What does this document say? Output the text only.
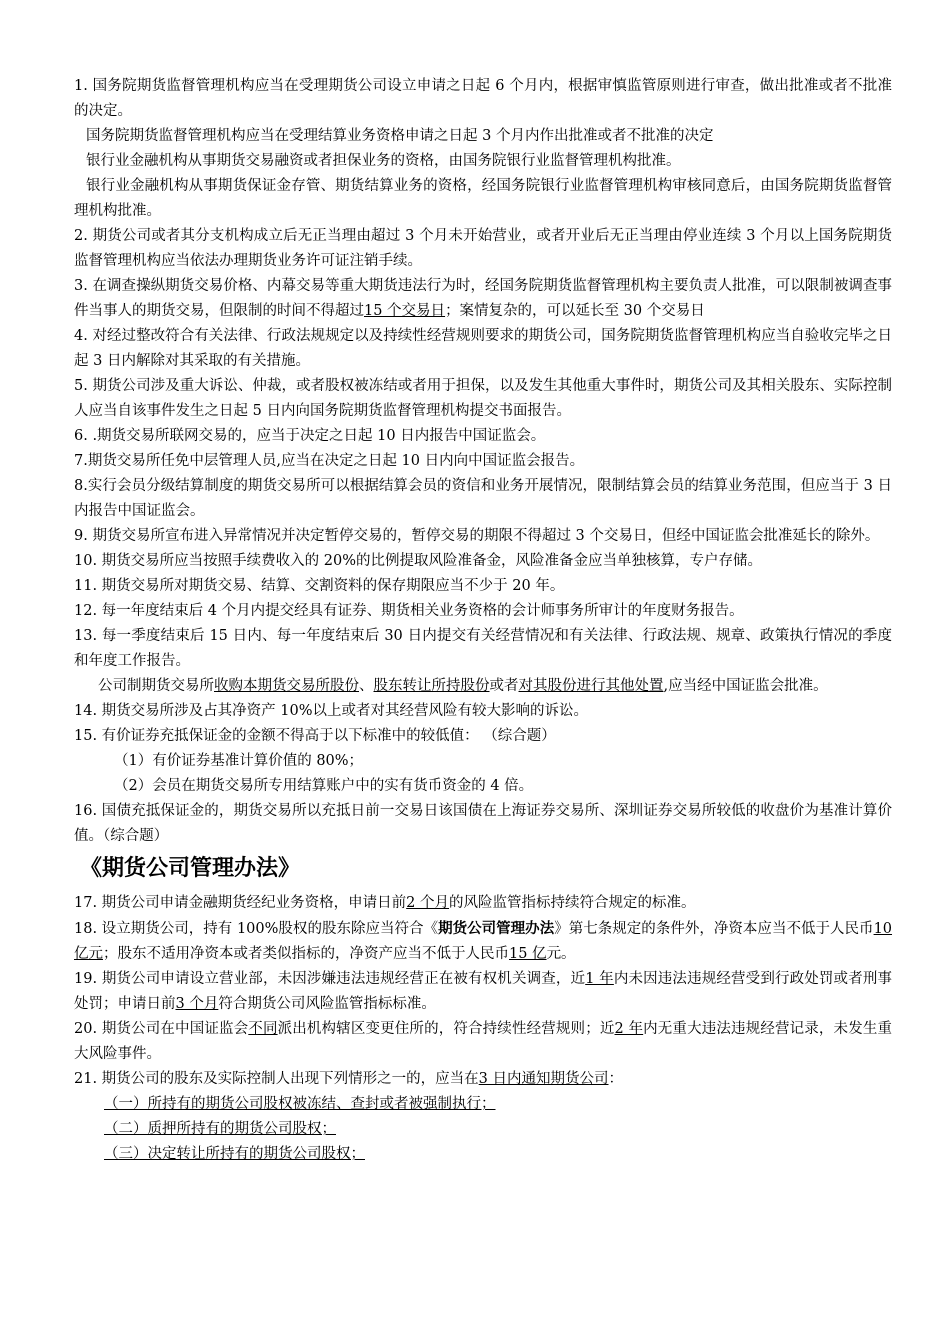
1. 国务院期货监督管理机构应当在受理期货公司设立申请之日起 6 个月内，根据审慎监管原则进行审查，做出批准或者不批准的决定。

国务院期货监督管理机构应当在受理结算业务资格申请之日起 3 个月内作出批准或者不批准的决定

银行业金融机构从事期货交易融资或者担保业务的资格，由国务院银行业监督管理机构批准。

银行业金融机构从事期货保证金存管、期货结算业务的资格，经国务院银行业监督管理机构审核同意后，由国务院期货监督管理机构批准。

2. 期货公司或者其分支机构成立后无正当理由超过 3 个月未开始营业，或者开业后无正当理由停业连续 3 个月以上国务院期货监督管理机构应当依法办理期货业务许可证注销手续。

3. 在调查操纵期货交易价格、内幕交易等重大期货违法行为时，经国务院期货监督管理机构主要负责人批准，可以限制被调查事件当事人的期货交易，但限制的时间不得超过15 个交易日；案情复杂的，可以延长至 30 个交易日

4. 对经过整改符合有关法律、行政法规规定以及持续性经营规则要求的期货公司，国务院期货监督管理机构应当自验收完毕之日起 3 日内解除对其采取的有关措施。

5. 期货公司涉及重大诉讼、仲裁，或者股权被冻结或者用于担保，以及发生其他重大事件时，期货公司及其相关股东、实际控制人应当自该事件发生之日起 5 日内向国务院期货监督管理机构提交书面报告。

6. .期货交易所联网交易的，应当于决定之日起 10 日内报告中国证监会。

7.期货交易所任免中层管理人员,应当在决定之日起 10 日内向中国证监会报告。

8.实行会员分级结算制度的期货交易所可以根据结算会员的资信和业务开展情况，限制结算会员的结算业务范围，但应当于 3 日内报告中国证监会。

9. 期货交易所宣布进入异常情况并决定暂停交易的，暂停交易的期限不得超过 3 个交易日，但经中国证监会批准延长的除外。

10. 期货交易所应当按照手续费收入的 20%的比例提取风险准备金，风险准备金应当单独核算，专户存储。

11. 期货交易所对期货交易、结算、交割资料的保存期限应当不少于 20 年。

12. 每一年度结束后 4 个月内提交经具有证券、期货相关业务资格的会计师事务所审计的年度财务报告。

13. 每一季度结束后 15 日内、每一年度结束后 30 日内提交有关经营情况和有关法律、行政法规、规章、政策执行情况的季度和年度工作报告。

公司制期货交易所收购本期货交易所股份、股东转让所持股份或者对其股份进行其他处置,应当经中国证监会批准。

14. 期货交易所涉及占其净资产 10%以上或者对其经营风险有较大影响的诉讼。

15. 有价证券充抵保证金的金额不得高于以下标准中的较低值： （综合题）

（1）有价证券基准计算价值的 80%；

（2）会员在期货交易所专用结算账户中的实有货币资金的 4 倍。

16. 国债充抵保证金的，期货交易所以充抵日前一交易日该国债在上海证券交易所、深圳证券交易所较低的收盘价为基准计算价值。（综合题）

《期货公司管理办法》

17. 期货公司申请金融期货经纪业务资格，申请日前2 个月的风险监管指标持续符合规定的标准。

18. 设立期货公司，持有 100%股权的股东除应当符合《期货公司管理办法》第七条规定的条件外，净资本应当不低于人民币10 亿元；股东不适用净资本或者类似指标的，净资产应当不低于人民币15 亿元。

19. 期货公司申请设立营业部，未因涉嫌违法违规经营正在被有权机关调查，近1 年内未因违法违规经营受到行政处罚或者刑事处罚；申请日前3 个月符合期货公司风险监管指标标准。

20. 期货公司在中国证监会不同派出机构辖区变更住所的，符合持续性经营规则；近2 年内无重大违法违规经营记录，未发生重大风险事件。

21. 期货公司的股东及实际控制人出现下列情形之一的，应当在3 日内通知期货公司：

（一）所持有的期货公司股权被冻结、查封或者被强制执行；

（二）质押所持有的期货公司股权；

（三）决定转让所持有的期货公司股权；
